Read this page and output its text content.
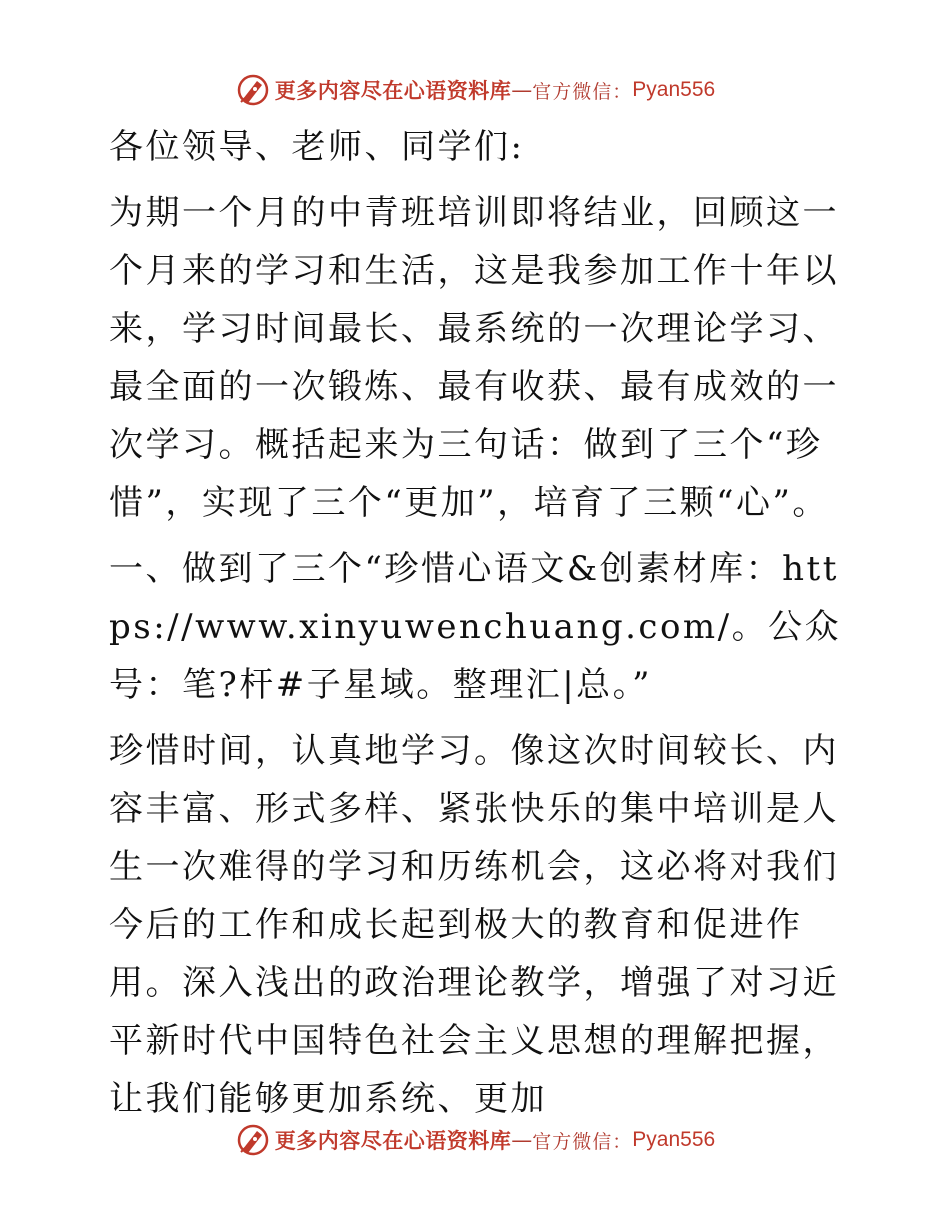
更多内容尽在心语资料库 — 官方微信： Pyan556

各位领导、老师、同学们:

为期一个月的中青班培训即将结业，回顾这一个月来的学习和生活，这是我参加工作十年以来，学习时间最长、最系统的一次理论学习、最全面的一次锻炼、最有收获、最有成效的一次学习。概括起来为三句话：做到了三个“珍惜”，实现了三个“更加”，培育了三颗“心”。

一、做到了三个“珍惜心语文&创素材库：https://www.xinyuwenchuang.com/。公众号：笔?杆#子星域。整理汇|总。”

珍惜时间，认真地学习。像这次时间较长、内容丰富、形式多样、紧张快乐的集中培训是人生一次难得的学习和历练机会，这必将对我们今后的工作和成长起到极大的教育和促进作用。深入浅出的政治理论教学，增强了对习近平新时代中国特色社会主义思想的理解把握，让我们能够更加系统、更加

更多内容尽在心语资料库 — 官方微信： Pyan556
